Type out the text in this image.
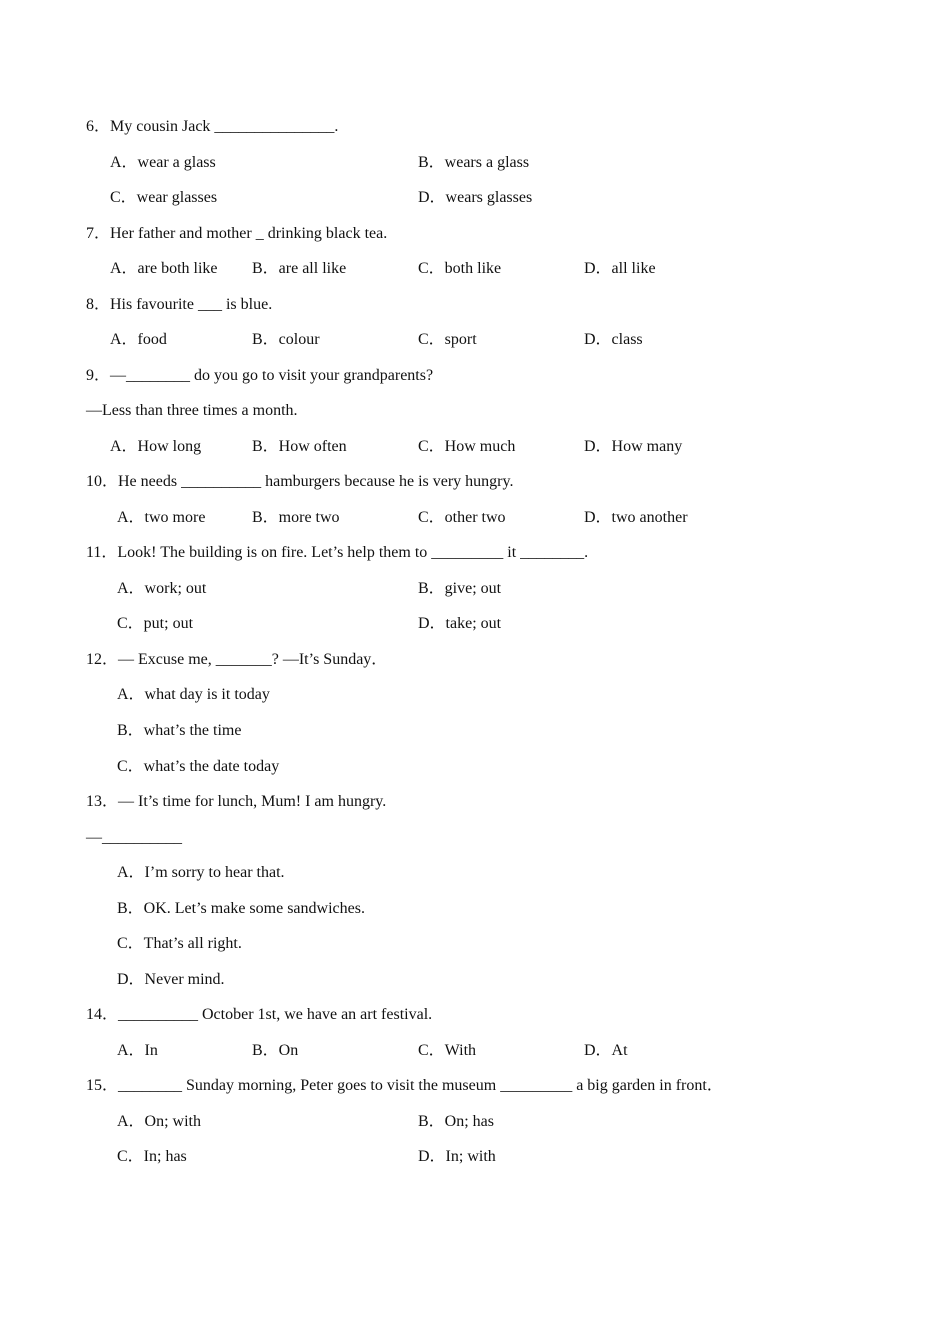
6．My cousin Jack _______________.
A．wear a glass	B．wears a glass
C．wear glasses	D．wears glasses
7．Her father and mother _ drinking black tea.
A．are both like B．are all like	C．both like	D．all like
8．His favourite ___ is blue.
A．food	B．colour	C．sport	D．class
9．—________ do you go to visit your grandparents?
—Less than three times a month.
A．How long	B．How often	C．How much	D．How many
10．He needs __________ hamburgers because he is very hungry.
A．two more	B．more two	C．other two	D．two another
11．Look! The building is on fire. Let’s help them to _________ it ________.
A．work; out	B．give; out
C．put; out	D．take; out
12．— Excuse me, _______? —It’s Sunday．
A．what day is it today
B．what’s the time
C．what’s the date today
13．— It’s time for lunch, Mum! I am hungry.
—__________
A．I’m sorry to hear that.
B．OK. Let’s make some sandwiches.
C．That’s all right.
D．Never mind.
14．__________ October 1st, we have an art festival.
A．In	B．On	C．With	D．At
15．________ Sunday morning, Peter goes to visit the museum _________ a big garden in front．
A．On; with	B．On; has
C．In; has	D．In; with
